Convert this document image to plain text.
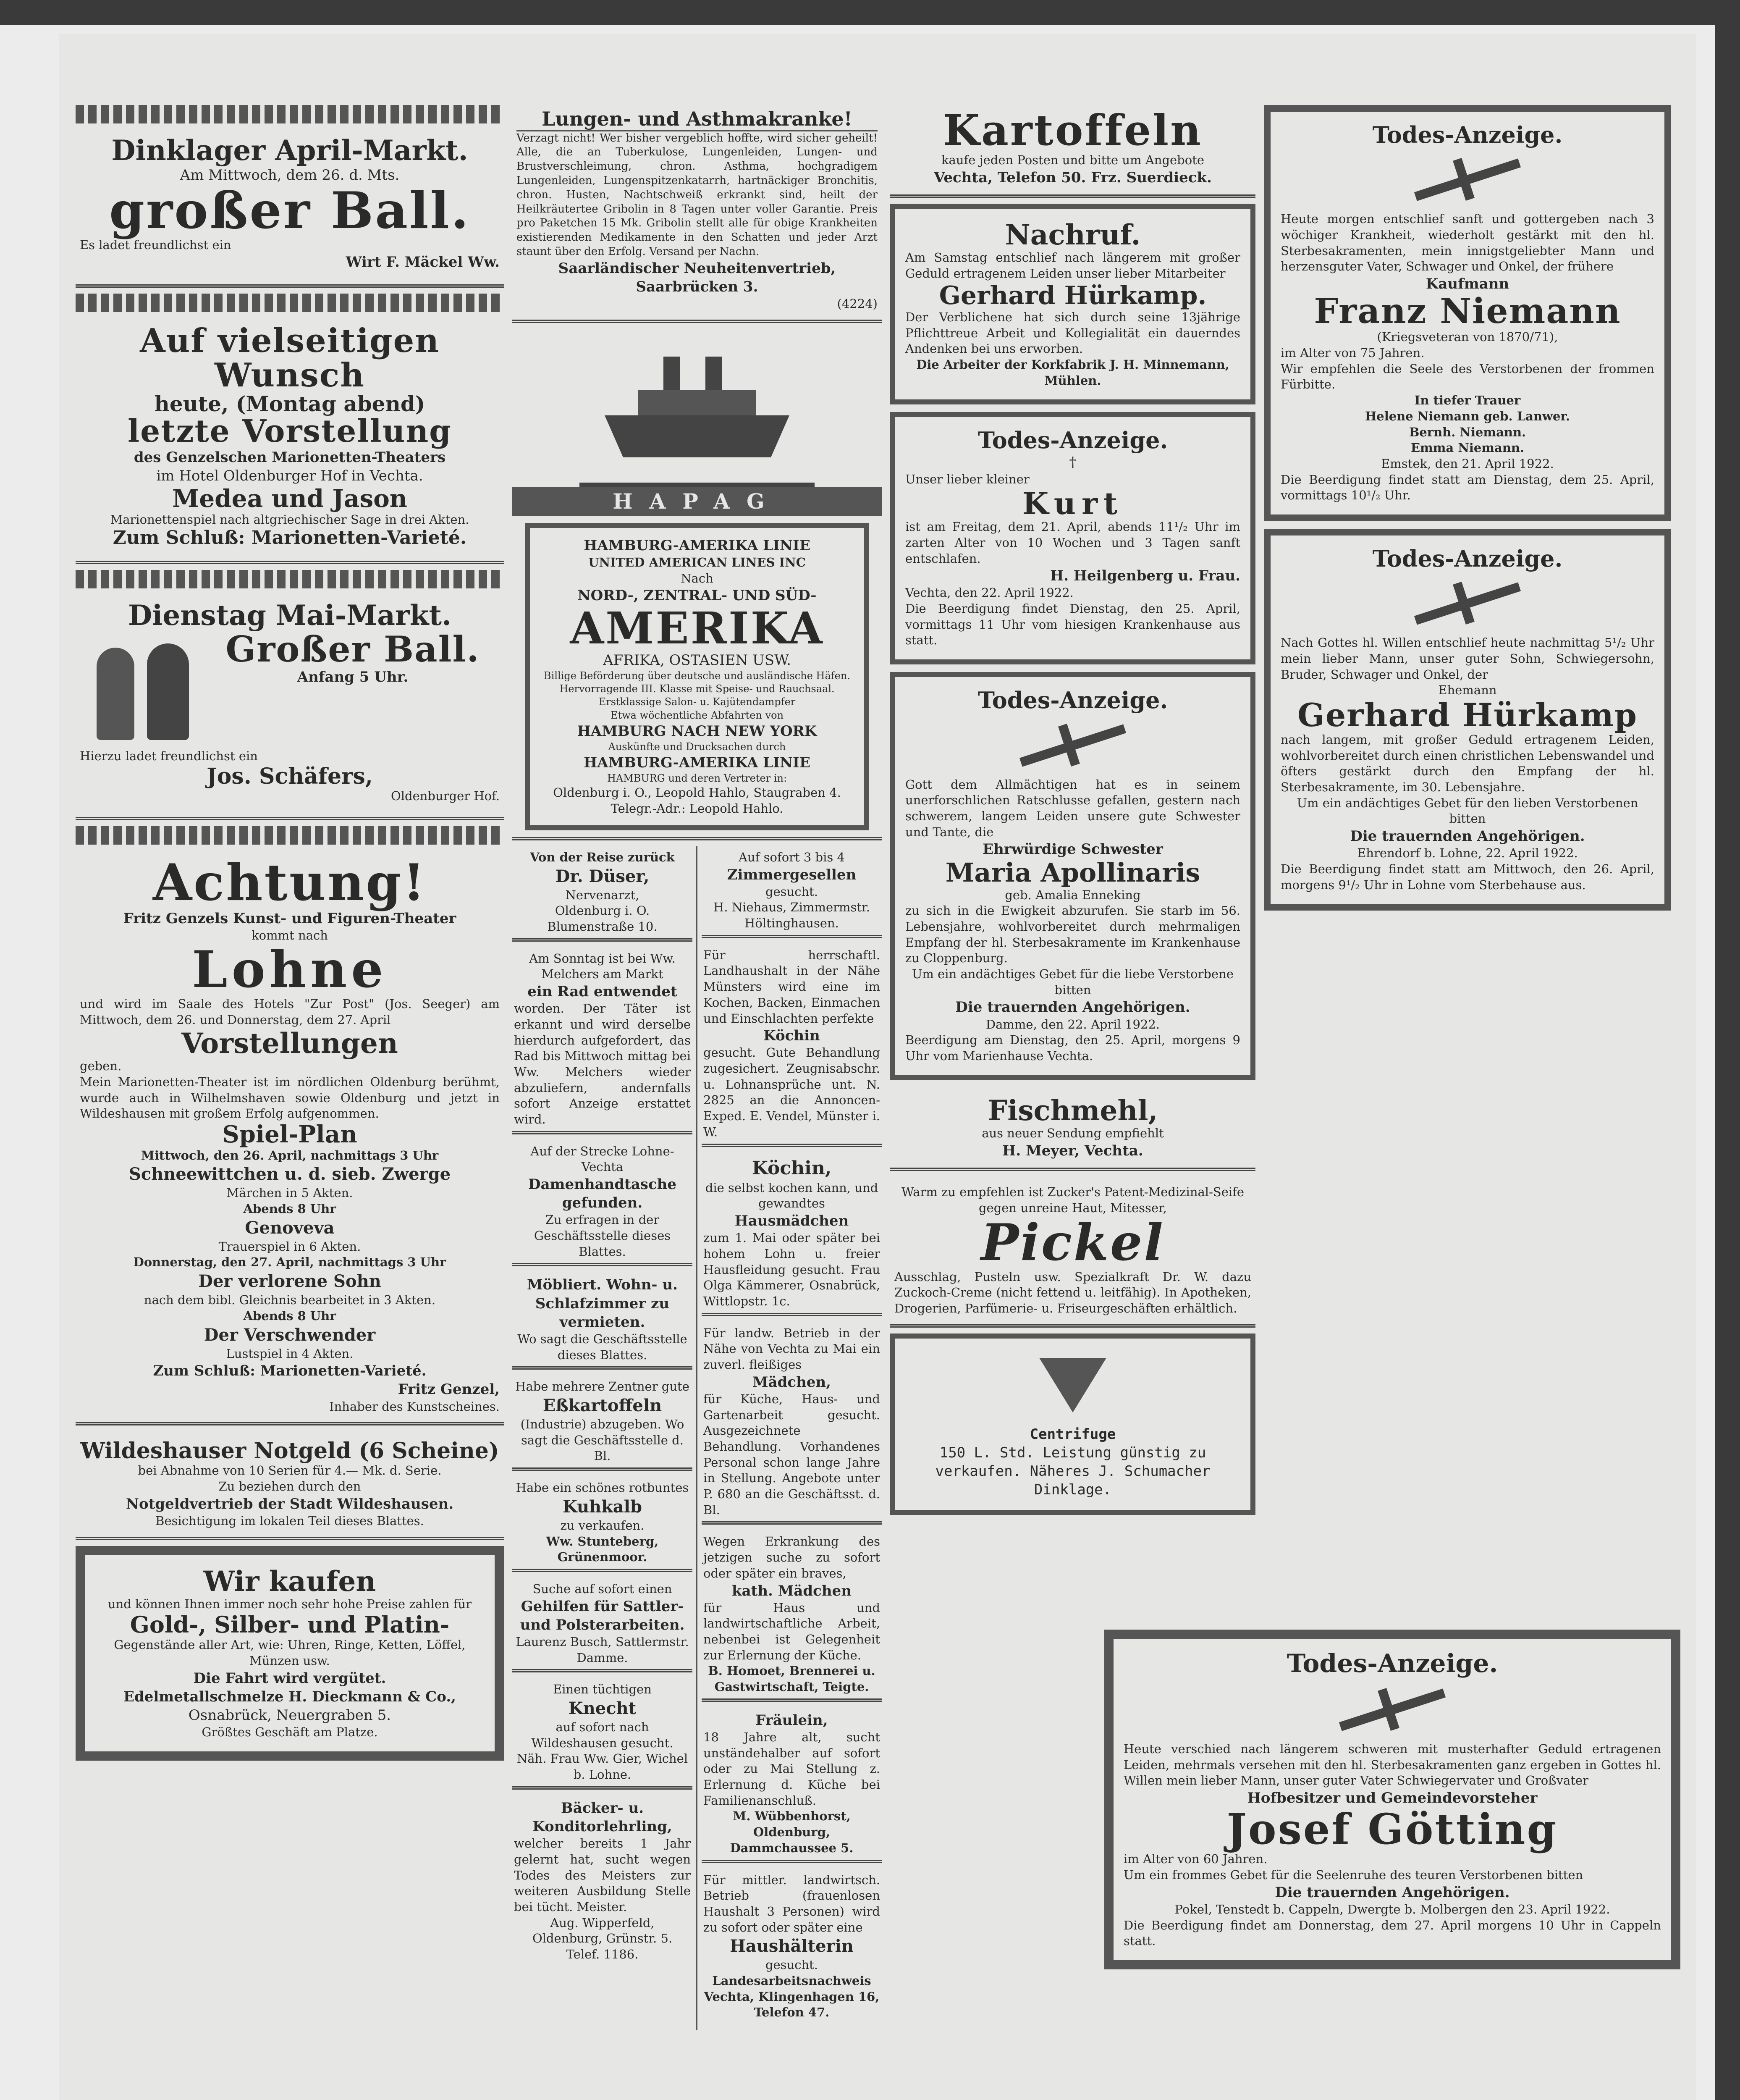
Dinklager April-Markt.
Am Mittwoch, dem 26. d. Mts.
großer Ball.
Es ladet freundlichst ein
Wirt F. Mäckel Ww.
Auf vielseitigen Wunsch
heute, (Montag abend)
letzte Vorstellung
des Genzelschen Marionetten-Theaters
im Hotel Oldenburger Hof in Vechta.
Medea und Jason
Marionettenspiel nach altgriechischer Sage in drei Akten.
Zum Schluß: Marionetten-Varieté.
Dienstag Mai-Markt.
Großer Ball.
Anfang 5 Uhr.
Hierzu ladet freundlichst ein
Jos. Schäfers,
Oldenburger Hof.
Achtung!
Fritz Genzels Kunst- und Figuren-Theater
kommt nach
Lohne
und wird im Saale des Hotels "Zur Post" (Jos. Seeger) am Mittwoch, dem 26. und Donnerstag, dem 27. April
Vorstellungen
geben.
Mein Marionetten-Theater ist im nördlichen Oldenburg berühmt, wurde auch in Wilhelmshaven sowie Oldenburg und jetzt in Wildeshausen mit großem Erfolg aufgenommen.
Spiel-Plan
Mittwoch, den 26. April, nachmittags 3 Uhr
Schneewittchen u. d. sieb. Zwerge
Märchen in 5 Akten.
Abends 8 Uhr
Genoveva
Trauerspiel in 6 Akten.
Donnerstag, den 27. April, nachmittags 3 Uhr
Der verlorene Sohn
nach dem bibl. Gleichnis bearbeitet in 3 Akten.
Abends 8 Uhr
Der Verschwender
Lustspiel in 4 Akten.
Zum Schluß: Marionetten-Varieté.
Fritz Genzel,
Inhaber des Kunstscheines.
Wildeshauser Notgeld (6 Scheine)
bei Abnahme von 10 Serien für 4.— Mk. d. Serie.
Zu beziehen durch den
Notgeldvertrieb der Stadt Wildeshausen.
Besichtigung im lokalen Teil dieses Blattes.
Wir kaufen
und können Ihnen immer noch sehr hohe Preise zahlen für
Gold-, Silber- und Platin-
Gegenstände aller Art, wie: Uhren, Ringe, Ketten, Löffel, Münzen usw.
Die Fahrt wird vergütet.
Edelmetallschmelze H. Dieckmann & Co.,
Osnabrück, Neuergraben 5.
Größtes Geschäft am Platze.
Lungen- und Asthmakranke!
Verzagt nicht! Wer bisher vergeblich hoffte, wird sicher geheilt! Alle, die an Tuberkulose, Lungenleiden, Lungen- und Brustverschleimung, chron. Asthma, hochgradigem Lungenleiden, Lungenspitzenkatarrh, hartnäckiger Bronchitis, chron. Husten, Nachtschweiß erkrankt sind, heilt der Heilkräutertee Gribolin in 8 Tagen unter voller Garantie. Preis pro Paketchen 15 Mk. Gribolin stellt alle für obige Krankheiten existierenden Medikamente in den Schatten und jeder Arzt staunt über den Erfolg. Versand per Nachn.
Saarländischer Neuheitenvertrieb,
Saarbrücken 3.
(4224)
HAPAG
HAMBURG-AMERIKA LINIE
UNITED AMERICAN LINES INC
Nach
NORD-, ZENTRAL- UND SÜD-
AMERIKA
AFRIKA, OSTASIEN USW.
Billige Beförderung über deutsche und ausländische Häfen. Hervorragende III. Klasse mit Speise- und Rauchsaal. Erstklassige Salon- u. Kajütendampfer
Etwa wöchentliche Abfahrten von
HAMBURG NACH NEW YORK
Auskünfte und Drucksachen durch
HAMBURG-AMERIKA LINIE
HAMBURG und deren Vertreter in:
Oldenburg i. O., Leopold Hahlo, Staugraben 4.
Telegr.-Adr.: Leopold Hahlo.
Von der Reise zurück
Dr. Düser,
Nervenarzt,
Oldenburg i. O. Blumenstraße 10.
Am Sonntag ist bei Ww. Melchers am Markt
ein Rad entwendet
worden. Der Täter ist erkannt und wird derselbe hierdurch aufgefordert, das Rad bis Mittwoch mittag bei Ww. Melchers wieder abzuliefern, andernfalls sofort Anzeige erstattet wird.
Auf der Strecke Lohne-Vechta
Damenhandtasche gefunden.
Zu erfragen in der Geschäftsstelle dieses Blattes.
Möbliert. Wohn- u. Schlafzimmer zu vermieten.
Wo sagt die Geschäftsstelle dieses Blattes.
Habe mehrere Zentner gute
Eßkartoffeln
(Industrie) abzugeben. Wo sagt die Geschäftsstelle d. Bl.
Habe ein schönes rotbuntes
Kuhkalb
zu verkaufen.
Ww. Stunteberg, Grünenmoor.
Suche auf sofort einen
Gehilfen für Sattler- und Polsterarbeiten.
Laurenz Busch, Sattlermstr. Damme.
Einen tüchtigen
Knecht
auf sofort nach Wildeshausen gesucht.
Näh. Frau Ww. Gier, Wichel b. Lohne.
Bäcker- u. Konditorlehrling,
welcher bereits 1 Jahr gelernt hat, sucht wegen Todes des Meisters zur weiteren Ausbildung Stelle bei tücht. Meister.
Aug. Wipperfeld, Oldenburg, Grünstr. 5. Telef. 1186.
Auf sofort 3 bis 4
Zimmergesellen
gesucht.
H. Niehaus, Zimmermstr. Höltinghausen.
Für herrschaftl. Landhaushalt in der Nähe Münsters wird eine im Kochen, Backen, Einmachen und Einschlachten perfekte
Köchin
gesucht. Gute Behandlung zugesichert. Zeugnisabschr. u. Lohnansprüche unt. N. 2825 an die Annoncen-Exped. E. Vendel, Münster i. W.
Köchin,
die selbst kochen kann, und gewandtes
Hausmädchen
zum 1. Mai oder später bei hohem Lohn u. freier Hausfleidung gesucht. Frau Olga Kämmerer, Osnabrück, Wittlopstr. 1c.
Für landw. Betrieb in der Nähe von Vechta zu Mai ein zuverl. fleißiges
Mädchen,
für Küche, Haus- und Gartenarbeit gesucht. Ausgezeichnete Behandlung. Vorhandenes Personal schon lange Jahre in Stellung. Angebote unter P. 680 an die Geschäftsst. d. Bl.
Wegen Erkrankung des jetzigen suche zu sofort oder später ein braves,
kath. Mädchen
für Haus und landwirtschaftliche Arbeit, nebenbei ist Gelegenheit zur Erlernung der Küche.
B. Homoet, Brennerei u. Gastwirtschaft, Teigte.
Fräulein,
18 Jahre alt, sucht unständehalber auf sofort oder zu Mai Stellung z. Erlernung d. Küche bei Familienanschluß.
M. Wübbenhorst, Oldenburg, Dammchaussee 5.
Für mittler. landwirtsch. Betrieb (frauenlosen Haushalt 3 Personen) wird zu sofort oder später eine
Haushälterin
gesucht.
Landesarbeitsnachweis Vechta, Klingenhagen 16, Telefon 47.
Kartoffeln
kaufe jeden Posten und bitte um Angebote
Vechta, Telefon 50. Frz. Suerdieck.
Nachruf.
Am Samstag entschlief nach längerem mit großer Geduld ertragenem Leiden unser lieber Mitarbeiter
Gerhard Hürkamp.
Der Verblichene hat sich durch seine 13jährige Pflichttreue Arbeit und Kollegialität ein dauerndes Andenken bei uns erworben.
Die Arbeiter der Korkfabrik J. H. Minnemann, Mühlen.
Todes-Anzeige.
†
Unser lieber kleiner
Kurt
ist am Freitag, dem 21. April, abends 11¹/₂ Uhr im zarten Alter von 10 Wochen und 3 Tagen sanft entschlafen.
H. Heilgenberg u. Frau.
Vechta, den 22. April 1922.
Die Beerdigung findet Dienstag, den 25. April, vormittags 11 Uhr vom hiesigen Krankenhause aus statt.
Todes-Anzeige.
Gott dem Allmächtigen hat es in seinem unerforschlichen Ratschlusse gefallen, gestern nach schwerem, langem Leiden unsere gute Schwester und Tante, die
Ehrwürdige Schwester
Maria Apollinaris
geb. Amalia Enneking
zu sich in die Ewigkeit abzurufen. Sie starb im 56. Lebensjahre, wohlvorbereitet durch mehrmaligen Empfang der hl. Sterbesakramente im Krankenhause zu Cloppenburg.
Um ein andächtiges Gebet für die liebe Verstorbene bitten
Die trauernden Angehörigen.
Damme, den 22. April 1922.
Beerdigung am Dienstag, den 25. April, morgens 9 Uhr vom Marienhause Vechta.
Fischmehl,
aus neuer Sendung empfiehlt
H. Meyer, Vechta.
Warm zu empfehlen ist Zucker's Patent-Medizinal-Seife gegen unreine Haut, Mitesser,
Pickel
Ausschlag, Pusteln usw. Spezialkraft Dr. W. dazu Zuckoch-Creme (nicht fettend u. leitfähig). In Apotheken, Drogerien, Parfümerie- u. Friseurgeschäften erhältlich.
Centrifuge
150 L. Std. Leistung günstig zu verkaufen. Näheres J. Schumacher Dinklage.
Todes-Anzeige.
Heute morgen entschlief sanft und gottergeben nach 3 wöchiger Krankheit, wiederholt gestärkt mit den hl. Sterbesakramenten, mein innigstgeliebter Mann und herzensguter Vater, Schwager und Onkel, der frühere
Kaufmann
Franz Niemann
(Kriegsveteran von 1870/71),
im Alter von 75 Jahren.
Wir empfehlen die Seele des Verstorbenen der frommen Fürbitte.
In tiefer Trauer
Helene Niemann geb. Lanwer.
Bernh. Niemann.
Emma Niemann.
Emstek, den 21. April 1922.
Die Beerdigung findet statt am Dienstag, dem 25. April, vormittags 10¹/₂ Uhr.
Todes-Anzeige.
Nach Gottes hl. Willen entschlief heute nachmittag 5¹/₂ Uhr mein lieber Mann, unser guter Sohn, Schwiegersohn, Bruder, Schwager und Onkel, der
Ehemann
Gerhard Hürkamp
nach langem, mit großer Geduld ertragenem Leiden, wohlvorbereitet durch einen christlichen Lebenswandel und öfters gestärkt durch den Empfang der hl. Sterbesakramente, im 30. Lebensjahre.
Um ein andächtiges Gebet für den lieben Verstorbenen bitten
Die trauernden Angehörigen.
Ehrendorf b. Lohne, 22. April 1922.
Die Beerdigung findet statt am Mittwoch, den 26. April, morgens 9¹/₂ Uhr in Lohne vom Sterbehause aus.
Todes-Anzeige.
Heute verschied nach längerem schweren mit musterhafter Geduld ertragenen Leiden, mehrmals versehen mit den hl. Sterbesakramenten ganz ergeben in Gottes hl. Willen mein lieber Mann, unser guter Vater Schwiegervater und Großvater
Hofbesitzer und Gemeindevorsteher
Josef Götting
im Alter von 60 Jahren.
Um ein frommes Gebet für die Seelenruhe des teuren Verstorbenen bitten
Die trauernden Angehörigen.
Pokel, Tenstedt b. Cappeln, Dwergte b. Molbergen den 23. April 1922.
Die Beerdigung findet am Donnerstag, dem 27. April morgens 10 Uhr in Cappeln statt.
